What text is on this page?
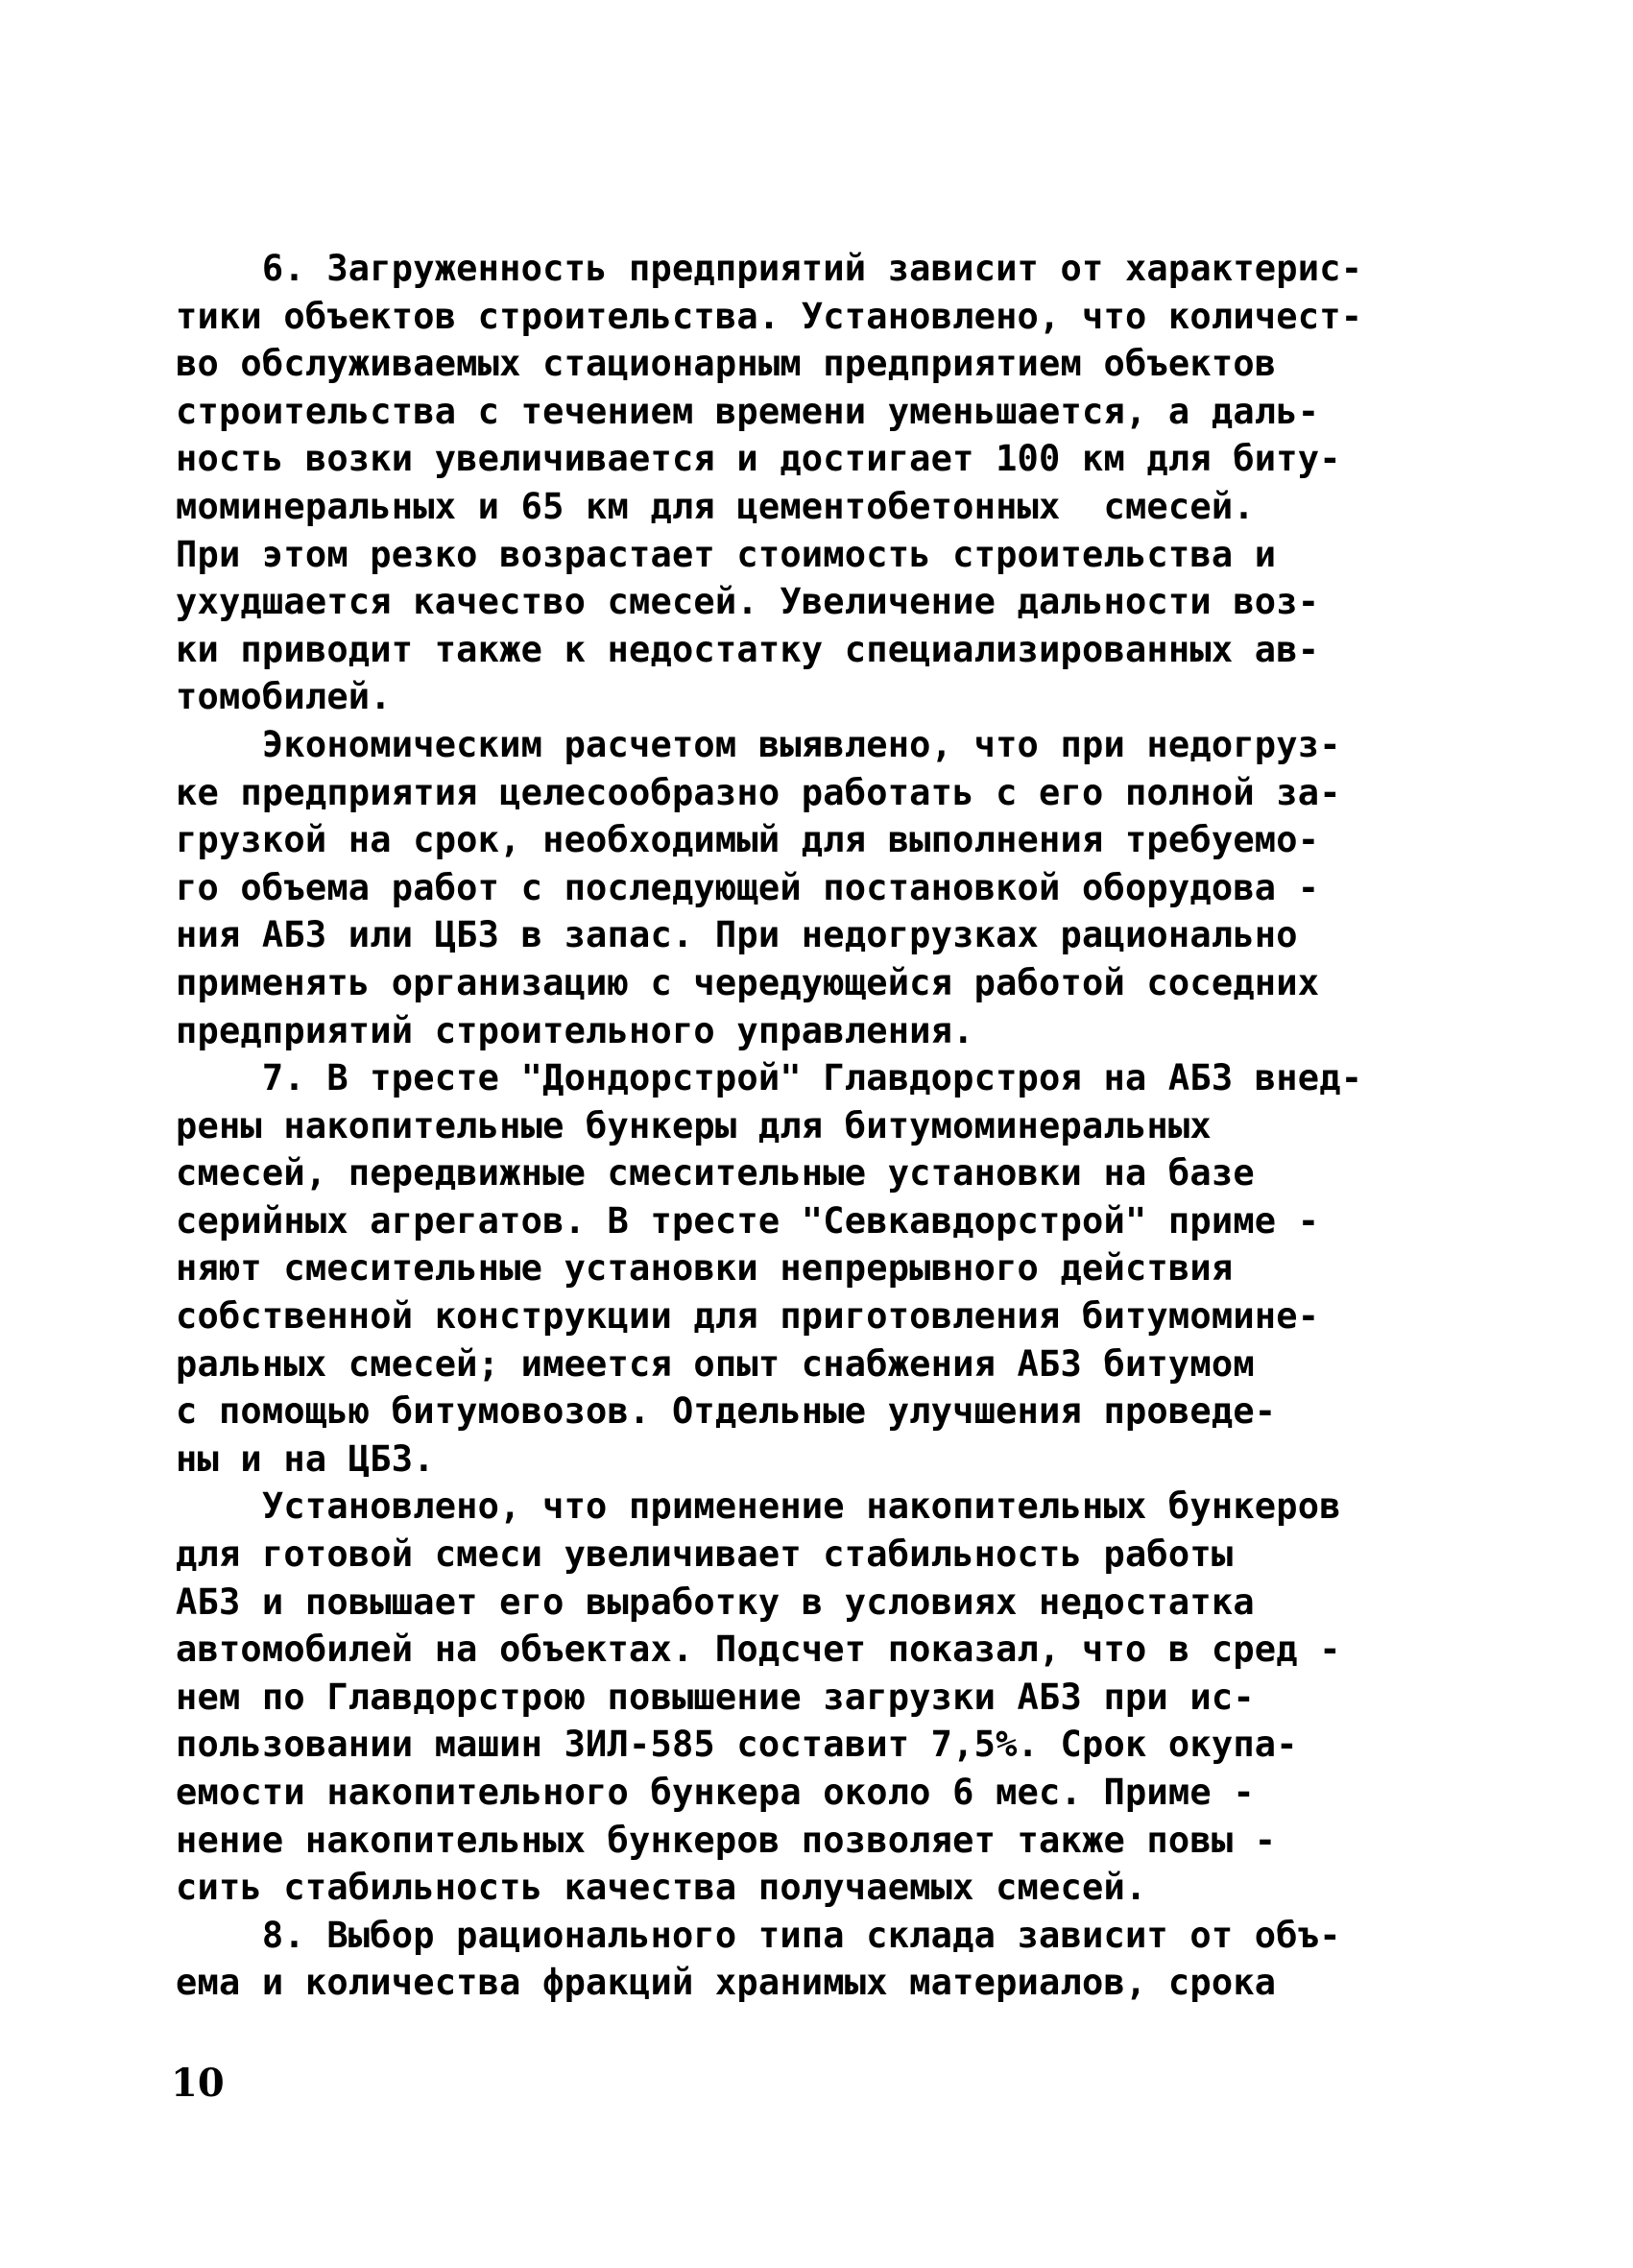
6. Загруженность предприятий зависит от характерис-
тики объектов строительства. Установлено, что количест-
во обслуживаемых стационарным предприятием объектов
строительства с течением времени уменьшается, а даль-
ность возки увеличивается и достигает 100 км для биту-
моминеральных и 65 км для цементобетонных  смесей.
При этом резко возрастает стоимость строительства и
ухудшается качество смесей. Увеличение дальности воз-
ки приводит также к недостатку специализированных ав-
томобилей.
Экономическим расчетом выявлено, что при недогруз-
ке предприятия целесообразно работать с его полной за-
грузкой на срок, необходимый для выполнения требуемо-
го объема работ с последующей постановкой оборудова -
ния АБЗ или ЦБЗ в запас. При недогрузках рационально
применять организацию с чередующейся работой соседних
предприятий строительного управления.
7. В тресте "Дондорстрой" Главдорстроя на АБЗ внед-
рены накопительные бункеры для битумоминеральных
смесей, передвижные смесительные установки на базе
серийных агрегатов. В тресте "Севкавдорстрой" приме -
няют смесительные установки непрерывного действия
собственной конструкции для приготовления битумомине-
ральных смесей; имеется опыт снабжения АБЗ битумом
с помощью битумовозов. Отдельные улучшения проведе-
ны и на ЦБЗ.
Установлено, что применение накопительных бункеров
для готовой смеси увеличивает стабильность работы
АБЗ и повышает его выработку в условиях недостатка
автомобилей на объектах. Подсчет показал, что в сред -
нем по Главдорстрою повышение загрузки АБЗ при ис-
пользовании машин ЗИЛ-585 составит 7,5%. Срок окупа-
емости накопительного бункера около 6 мес. Приме -
нение накопительных бункеров позволяет также повы -
сить стабильность качества получаемых смесей.
8. Выбор рационального типа склада зависит от объ-
ема и количества фракций хранимых материалов, срока
10
